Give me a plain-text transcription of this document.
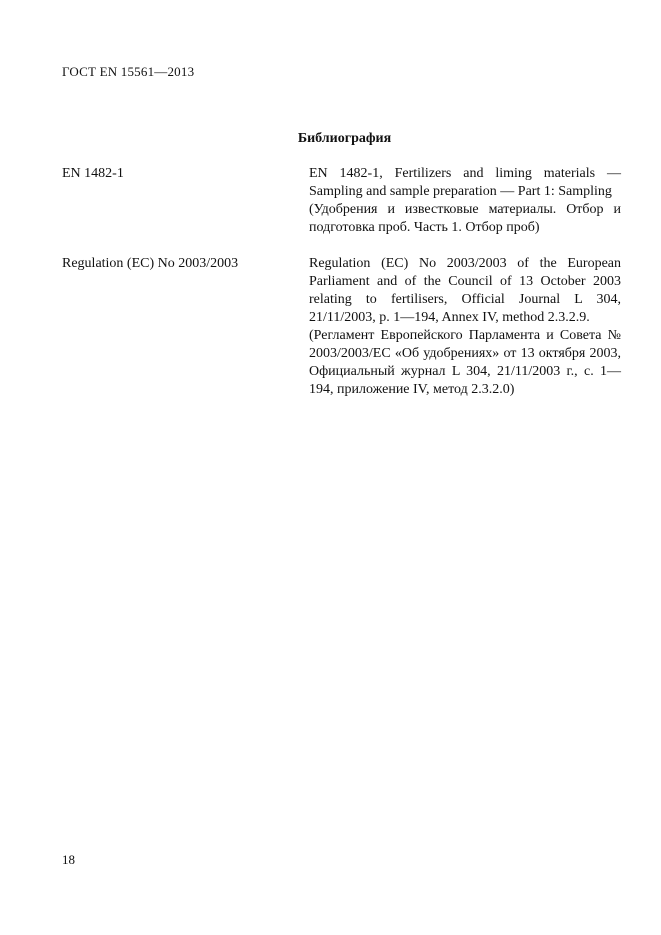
ГОСТ EN 15561—2013
Библиография
EN 1482-1	EN 1482-1, Fertilizers and liming materials — Sampling and sample preparation — Part 1: Sampling

(Удобрения и известковые материалы. Отбор и подготовка проб. Часть 1. Отбор проб)

Regulation (EC) No 2003/2003	Regulation (EC) No 2003/2003 of the European Parliament and of the Council of 13 October 2003 relating to fertilisers, Official Journal L 304, 21/11/2003, p. 1—194, Annex IV, method 2.3.2.9.

(Регламент Европейского Парламента и Совета № 2003/2003/ЕС «Об удобрениях» от 13 октября 2003, Официальный журнал L 304, 21/11/2003 г., с. 1—194, приложение IV, метод 2.3.2.0)

18
